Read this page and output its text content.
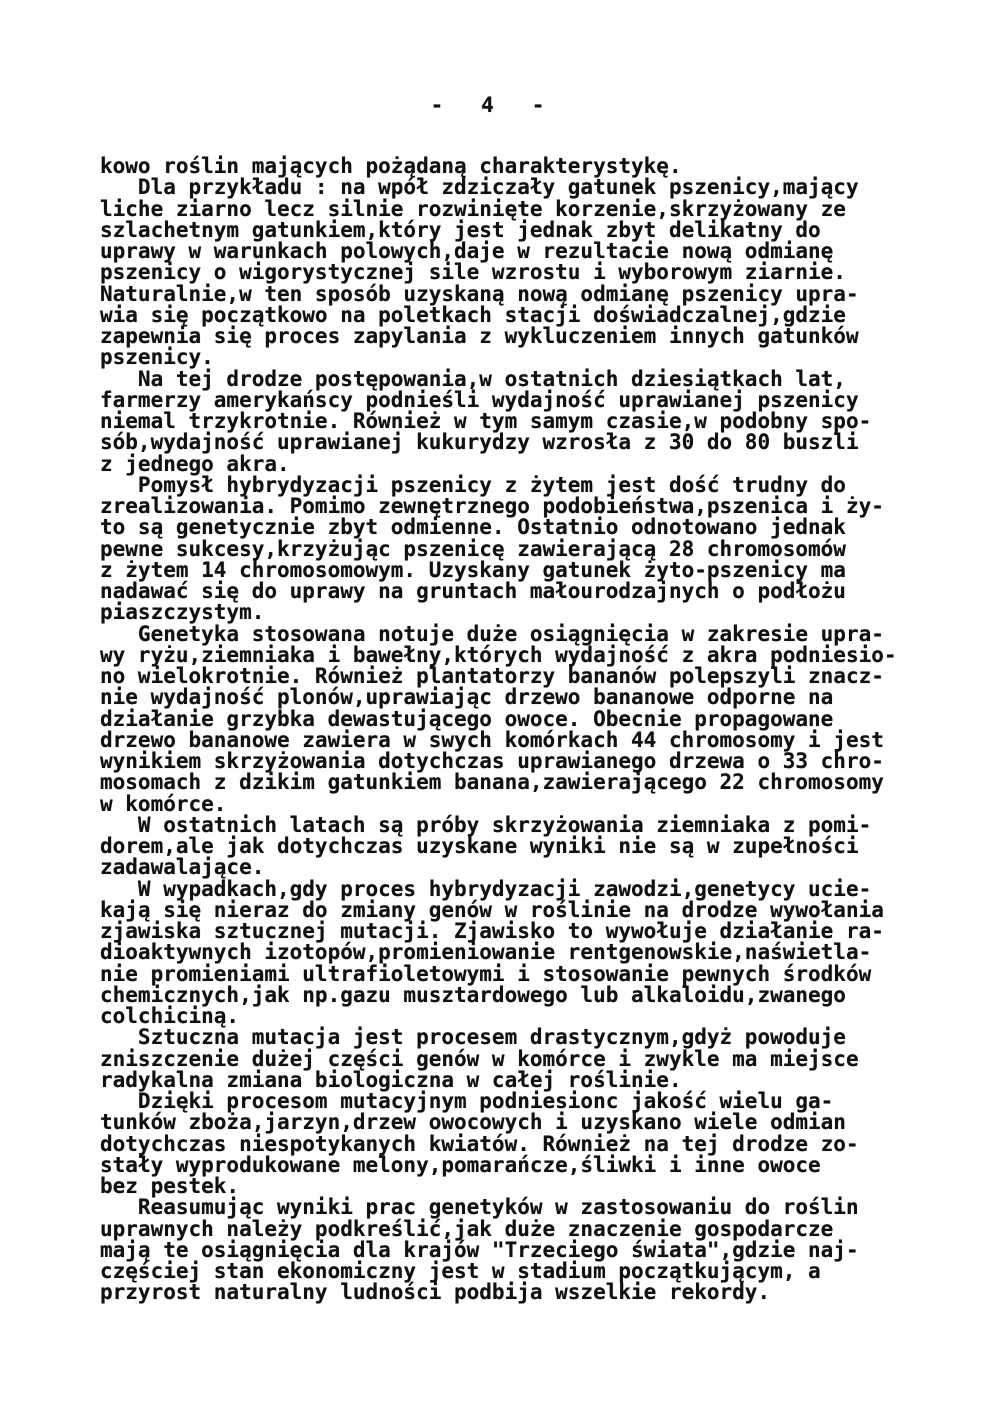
-   4   -
kowo roślin mających pożądaną charakterystykę.
Dla przykładu : na wpół zdziczały gatunek pszenicy,mający
liche ziarno lecz silnie rozwinięte korzenie,skrzyżowany ze
szlachetnym gatunkiem,który jest jednak zbyt delikatny do
uprawy w warunkach polowych,daje w rezultacie nową odmianę
pszenicy o wigorystycznej sile wzrostu i wyborowym ziarnie.
Naturalnie,w ten sposób uzyskaną nową odmianę pszenicy upra-
wia się początkowo na poletkach stacji doświadczalnej,gdzie
zapewnia się proces zapylania z wykluczeniem innych gatunków
pszenicy.
Na tej drodze postępowania,w ostatnich dziesiątkach lat,
farmerzy amerykańscy podnieśli wydajność uprawianej pszenicy
niemal trzykrotnie. Również w tym samym czasie,w podobny spo-
sób,wydajność uprawianej kukurydzy wzrosła z 30 do 80 buszli
z jednego akra.
Pomysł hybrydyzacji pszenicy z żytem jest dość trudny do
zrealizowania. Pomimo zewnętrznego podobieństwa,pszenica i ży-
to są genetycznie zbyt odmienne. Ostatnio odnotowano jednak
pewne sukcesy,krzyżując pszenicę zawierającą 28 chromosomów
z żytem 14 chromosomowym. Uzyskany gatunek żyto-pszenicy ma
nadawać się do uprawy na gruntach małourodzajnych o podłożu
piaszczystym.
Genetyka stosowana notuje duże osiągnięcia w zakresie upra-
wy ryżu,ziemniaka i bawełny,których wydajność z akra podniesio-
no wielokrotnie. Również plantatorzy bananów polepszyli znacz-
nie wydajność plonów,uprawiając drzewo bananowe odporne na
działanie grzybka dewastującego owoce. Obecnie propagowane
drzewo bananowe zawiera w swych komórkach 44 chromosomy i jest
wynikiem skrzyżowania dotychczas uprawianego drzewa o 33 chro-
mosomach z dzikim gatunkiem banana,zawierającego 22 chromosomy
w komórce.
W ostatnich latach są próby skrzyżowania ziemniaka z pomi-
dorem,ale jak dotychczas uzyskane wyniki nie są w zupełności
zadawalające.
W wypadkach,gdy proces hybrydyzacji zawodzi,genetycy ucie-
kają się nieraz do zmiany genów w roślinie na drodze wywołania
zjawiska sztucznej mutacji. Zjawisko to wywołuje działanie ra-
dioaktywnych izotopów,promieniowanie rentgenowskie,naświetla-
nie promieniami ultrafioletowymi i stosowanie pewnych środków
chemicznych,jak np.gazu musztardowego lub alkaloidu,zwanego
colchiciną.
Sztuczna mutacja jest procesem drastycznym,gdyż powoduje
zniszczenie dużej części genów w komórce i zwykle ma miejsce
radykalna zmiana biologiczna w całej roślinie.
Dzięki procesom mutacyjnym podniesionc jakość wielu ga-
tunków zboża,jarzyn,drzew owocowych i uzyskano wiele odmian
dotychczas niespotykanych kwiatów. Również na tej drodze zo-
stały wyprodukowane melony,pomarańcze,śliwki i inne owoce
bez pestek.
Reasumując wyniki prac genetyków w zastosowaniu do roślin
uprawnych należy podkreślić,jak duże znaczenie gospodarcze
mają te osiągnięcia dla krajów "Trzeciego świata",gdzie naj-
częściej stan ekonomiczny jest w stadium początkującym, a
przyrost naturalny ludności podbija wszelkie rekordy.
